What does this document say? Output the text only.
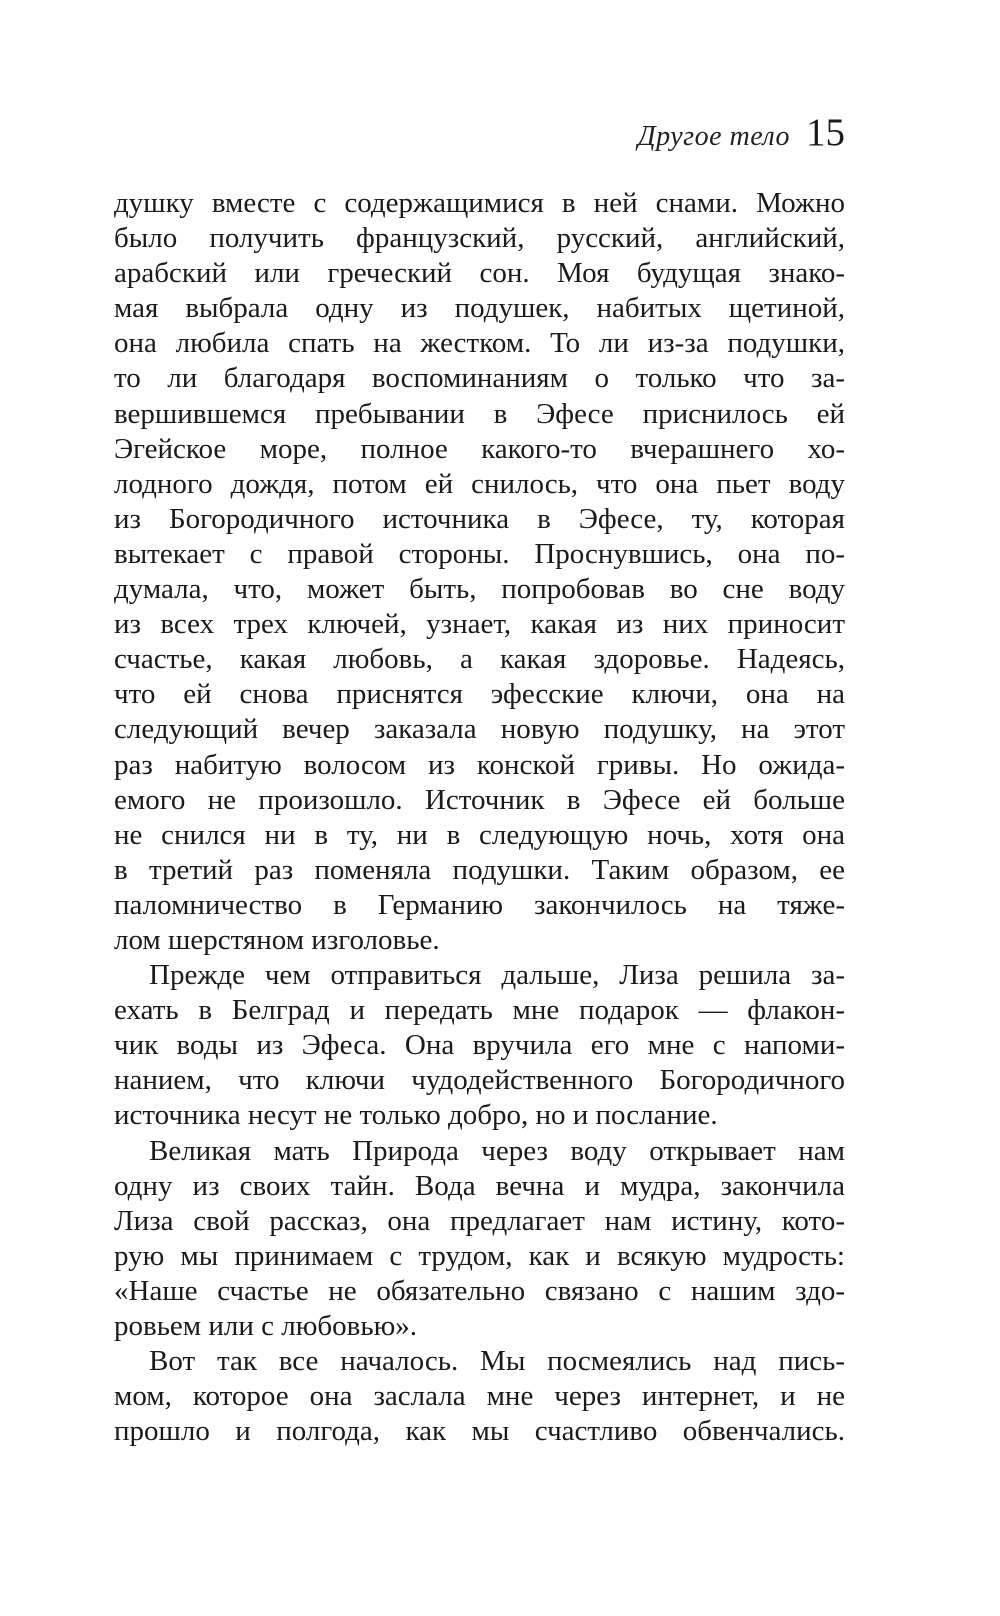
Другое тело 15
душку вместе с содержащимися в ней снами. Можно
было получить французский, русский, английский,
арабский или греческий сон. Моя будущая знако-
мая выбрала одну из подушек, набитых щетиной,
она любила спать на жестком. То ли из-за подушки,
то ли благодаря воспоминаниям о только что за-
вершившемся пребывании в Эфесе приснилось ей
Эгейское море, полное какого-то вчерашнего хо-
лодного дождя, потом ей снилось, что она пьет воду
из Богородичного источника в Эфесе, ту, которая
вытекает с правой стороны. Проснувшись, она по-
думала, что, может быть, попробовав во сне воду
из всех трех ключей, узнает, какая из них приносит
счастье, какая любовь, а какая здоровье. Надеясь,
что ей снова приснятся эфесские ключи, она на
следующий вечер заказала новую подушку, на этот
раз набитую волосом из конской гривы. Но ожида-
емого не произошло. Источник в Эфесе ей больше
не снился ни в ту, ни в следующую ночь, хотя она
в третий раз поменяла подушки. Таким образом, ее
паломничество в Германию закончилось на тяже-
лом шерстяном изголовье.
Прежде чем отправиться дальше, Лиза решила за-
ехать в Белград и передать мне подарок — флакон-
чик воды из Эфеса. Она вручила его мне с напоми-
нанием, что ключи чудодейственного Богородичного
источника несут не только добро, но и послание.
Великая мать Природа через воду открывает нам
одну из своих тайн. Вода вечна и мудра, закончила
Лиза свой рассказ, она предлагает нам истину, кото-
рую мы принимаем с трудом, как и всякую мудрость:
«Наше счастье не обязательно связано с нашим здо-
ровьем или с любовью».
Вот так все началось. Мы посмеялись над пись-
мом, которое она заслала мне через интернет, и не
прошло и полгода, как мы счастливо обвенчались.
